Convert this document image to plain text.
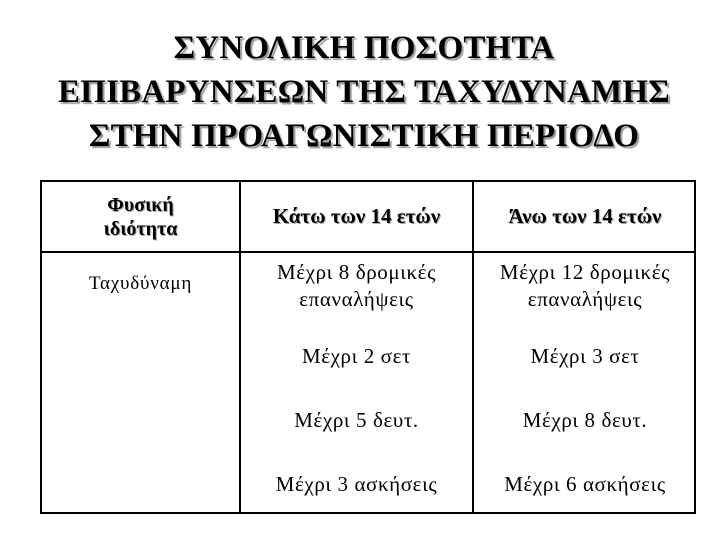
ΣΥΝΟΛΙΚΗ ΠΟΣΟΤΗΤΑ
ΕΠΙΒΑΡΥΝΣΕΩΝ ΤΗΣ ΤΑΧΥΔΥΝΑΜΗΣ
ΣΤΗΝ ΠΡΟΑΓΩΝΙΣΤΙΚΗ ΠΕΡΙΟΔΟ
Φυσική
ιδιότητα
Κάτω των 14 ετών	Άνω των 14 ετών
Ταχυδύναμη	Μέχρι 8 δρομικές
επαναλήψεις
Μέχρι 2 σετ
Μέχρι 5 δευτ.
Μέχρι 3 ασκήσεις
Μέχρι 12 δρομικές
επαναλήψεις
Μέχρι 3 σετ
Μέχρι 8 δευτ.
Μέχρι 6 ασκήσεις
